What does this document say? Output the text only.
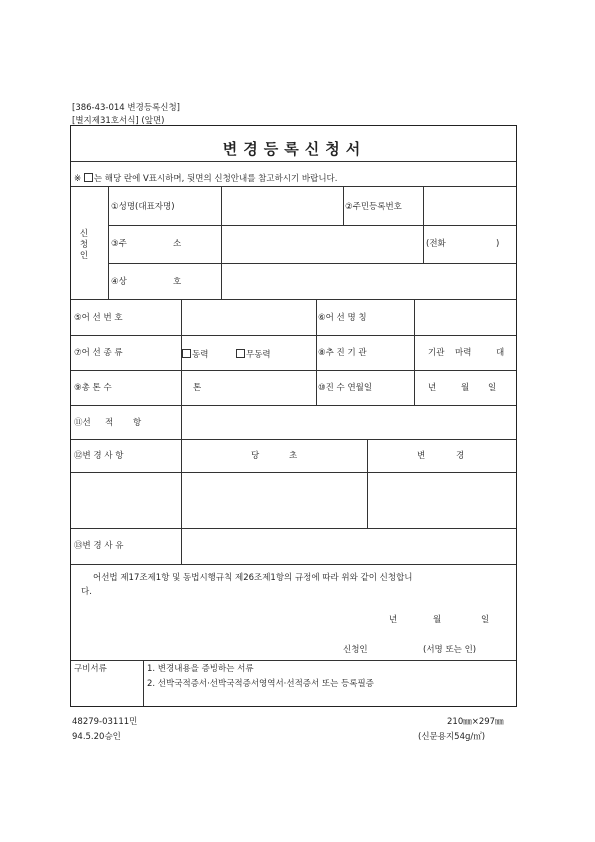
[386-43-014 변경등록신청]
[별지제31호서식] (앞면)
변경등록신청서
※ 는 해당 란에 V표시하며, 뒷면의 신청안내를 참고하시기 바랍니다.
신청인
①성명(대표자명)	②주민등록번호
③주	소	(전화	)
④상	호
⑤어 선 번 호	⑥어 선 명 칭
⑦어 선 종 류	동력	무동력	⑧추 진 기 관	기관 마력	대
⑨총 톤 수	톤	⑩진 수 연월일	년	월 일
⑪선 적 항
⑫변 경 사 항	당	초	변	경
⑬변 경 사 유
어선법 제17조제1항 및 동법시행규칙 제26조제1항의 규정에 따라 위와 같이 신청합니
다.
년	월	일
신청인	(서명 또는 인)
구비서류	1. 변경내용을 증빙하는 서류
2. 선박국적증서·선박국적증서영역서·선적증서 또는 등록필증
48279-03111민
94.5.20승인
210㎜×297㎜
(신문용지54g/㎡)
